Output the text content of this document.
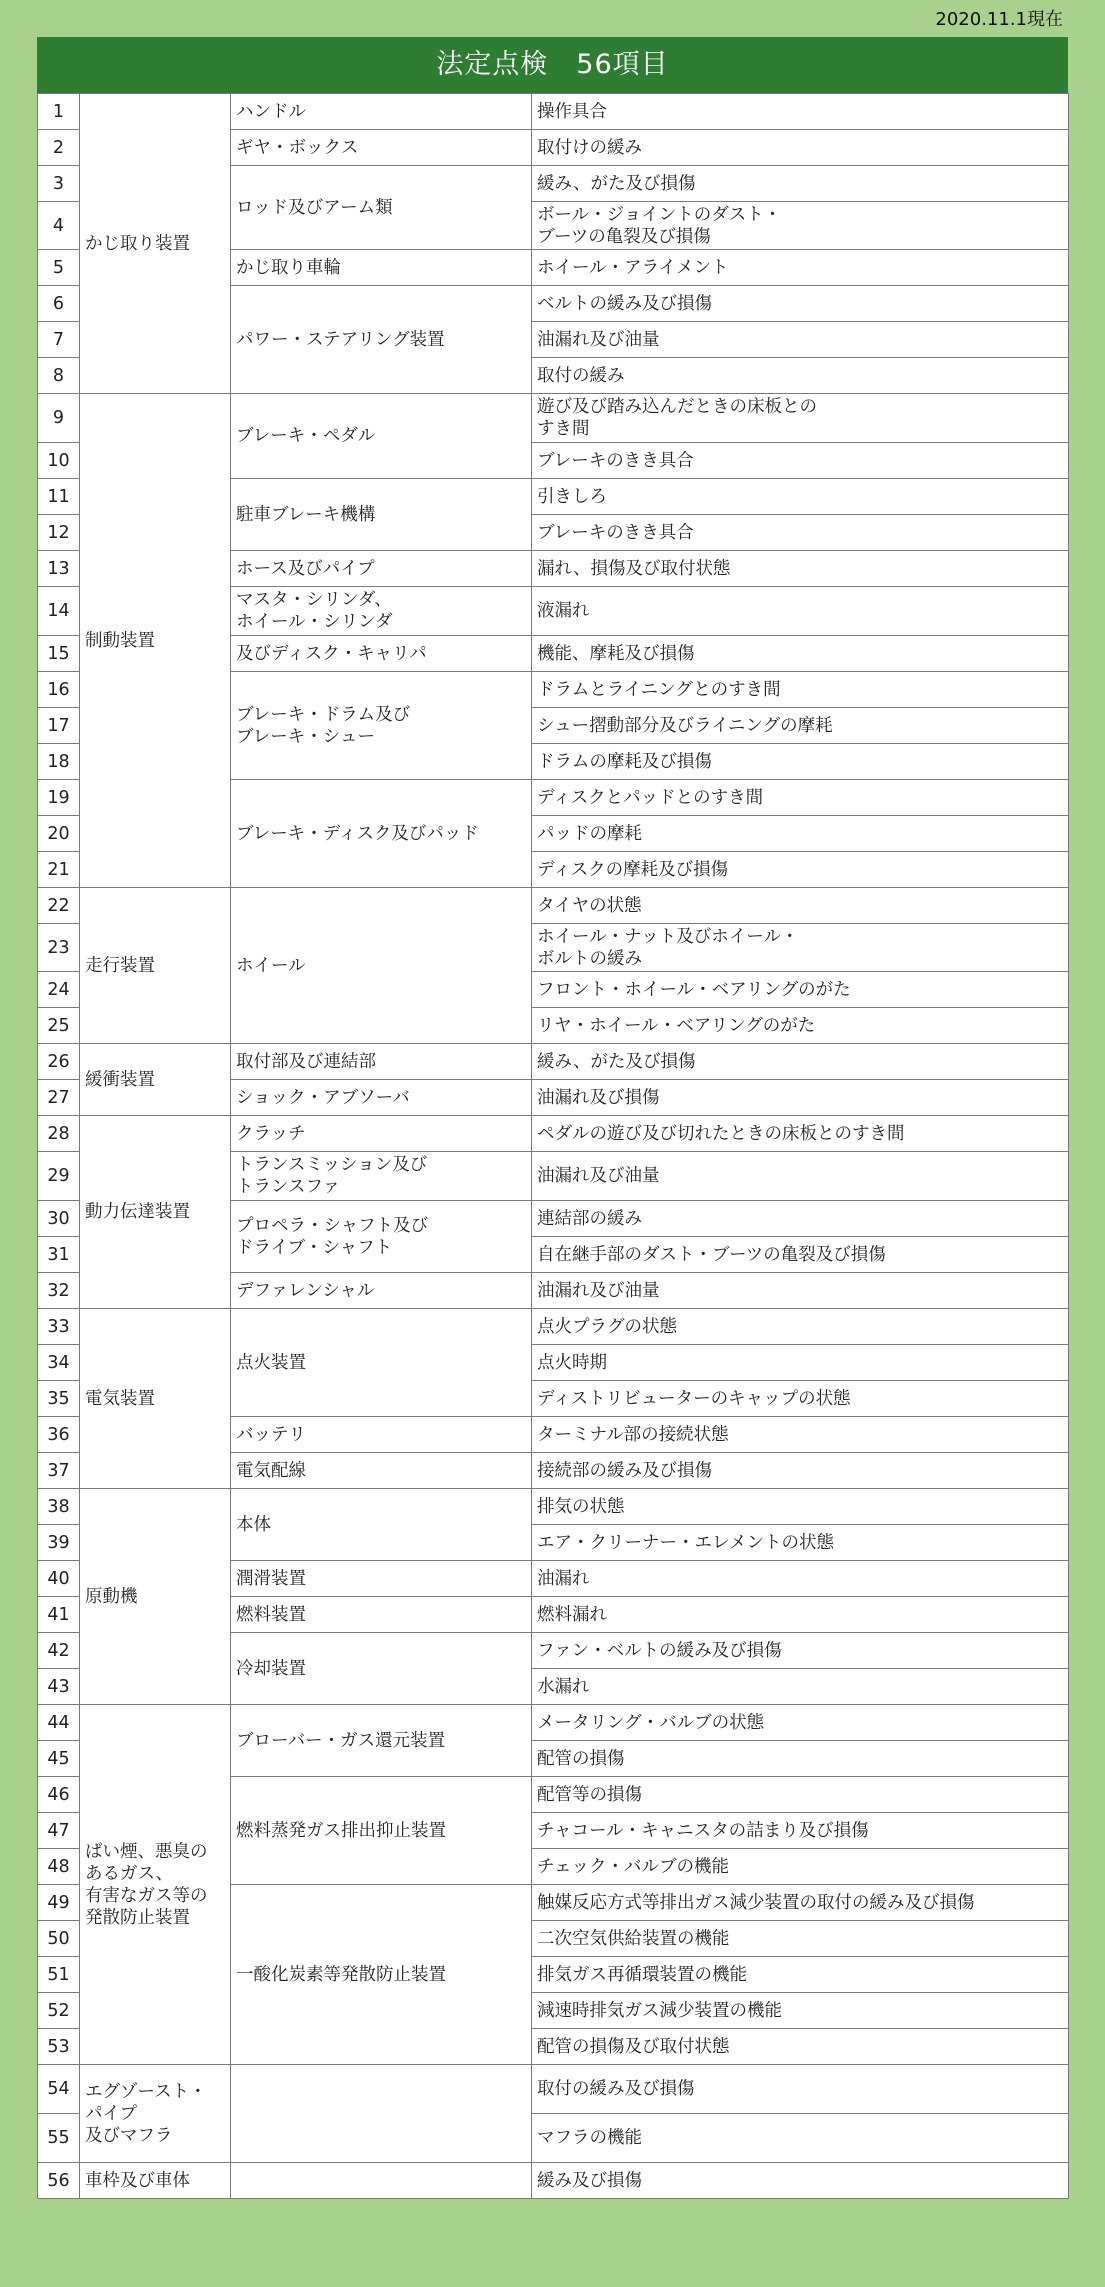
2020.11.1現在
法定点検　56項目
1	かじ取り装置	ハンドル	操作具合
2		ギヤ・ボックス	取付けの緩み
3		ロッド及びアーム類	緩み、がた及び損傷
4			ボール・ジョイントのダスト・
ブーツの亀裂及び損傷
5		かじ取り車輪	ホイール・アライメント
6		パワー・ステアリング装置	ベルトの緩み及び損傷
7			油漏れ及び油量
8			取付の緩み
9	制動装置	ブレーキ・ペダル	遊び及び踏み込んだときの床板との
すき間
10			ブレーキのきき具合
11		駐車ブレーキ機構	引きしろ
12			ブレーキのきき具合
13		ホース及びパイプ	漏れ、損傷及び取付状態
14		マスタ・シリンダ、
ホイール・シリンダ	液漏れ
15		及びディスク・キャリパ	機能、摩耗及び損傷
16		ブレーキ・ドラム及び
ブレーキ・シュー	ドラムとライニングとのすき間
17			シュー摺動部分及びライニングの摩耗
18			ドラムの摩耗及び損傷
19		ブレーキ・ディスク及びパッド	ディスクとパッドとのすき間
20			パッドの摩耗
21			ディスクの摩耗及び損傷
22	走行装置	ホイール	タイヤの状態
23			ホイール・ナット及びホイール・
ボルトの緩み
24			フロント・ホイール・ベアリングのがた
25			リヤ・ホイール・ベアリングのがた
26	緩衝装置	取付部及び連結部	緩み、がた及び損傷
27		ショック・アブソーバ	油漏れ及び損傷
28	動力伝達装置	クラッチ	ペダルの遊び及び切れたときの床板とのすき間
29		トランスミッション及び
トランスファ	油漏れ及び油量
30		プロペラ・シャフト及び
ドライブ・シャフト	連結部の緩み
31			自在継手部のダスト・ブーツの亀裂及び損傷
32		デファレンシャル	油漏れ及び油量
33	電気装置	点火装置	点火プラグの状態
34			点火時期
35			ディストリビューターのキャップの状態
36		バッテリ	ターミナル部の接続状態
37		電気配線	接続部の緩み及び損傷
38	原動機	本体	排気の状態
39			エア・クリーナー・エレメントの状態
40		潤滑装置	油漏れ
41		燃料装置	燃料漏れ
42		冷却装置	ファン・ベルトの緩み及び損傷
43			水漏れ
44	ばい煙、悪臭の
あるガス、
有害なガス等の
発散防止装置	ブローバー・ガス還元装置	メータリング・バルブの状態
45			配管の損傷
46		燃料蒸発ガス排出抑止装置	配管等の損傷
47			チャコール・キャニスタの詰まり及び損傷
48			チェック・バルブの機能
49		一酸化炭素等発散防止装置	触媒反応方式等排出ガス減少装置の取付の緩み及び損傷
50			二次空気供給装置の機能
51			排気ガス再循環装置の機能
52			減速時排気ガス減少装置の機能
53			配管の損傷及び取付状態
54	エグゾースト・
パイプ
及びマフラ		取付の緩み及び損傷
55			マフラの機能
56	車枠及び車体		緩み及び損傷
